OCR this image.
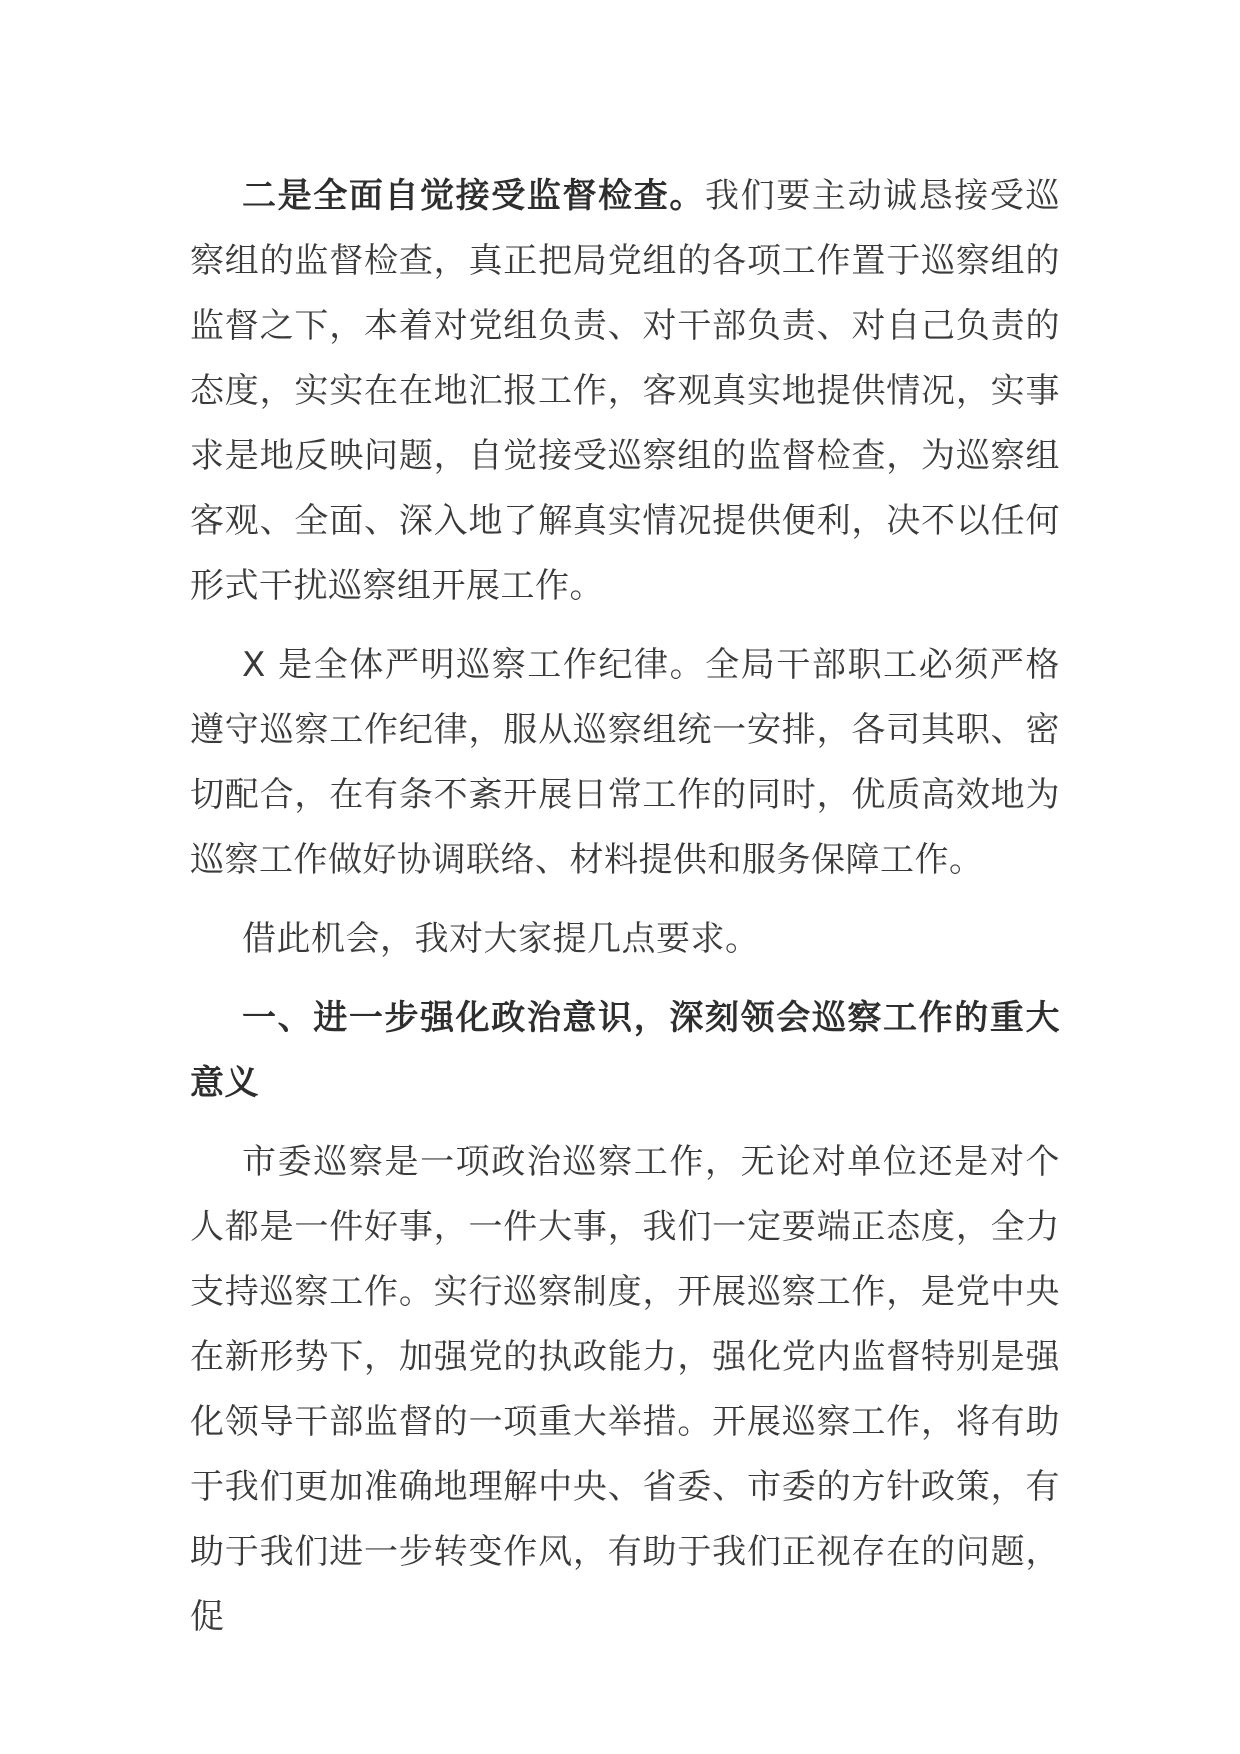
二是全面自觉接受监督检查。我们要主动诚恳接受巡察组的监督检查，真正把局党组的各项工作置于巡察组的监督之下，本着对党组负责、对干部负责、对自己负责的态度，实实在在地汇报工作，客观真实地提供情况，实事求是地反映问题，自觉接受巡察组的监督检查，为巡察组客观、全面、深入地了解真实情况提供便利，决不以任何形式干扰巡察组开展工作。

X 是全体严明巡察工作纪律。全局干部职工必须严格遵守巡察工作纪律，服从巡察组统一安排，各司其职、密切配合，在有条不紊开展日常工作的同时，优质高效地为巡察工作做好协调联络、材料提供和服务保障工作。

借此机会，我对大家提几点要求。

一、进一步强化政治意识，深刻领会巡察工作的重大意义

市委巡察是一项政治巡察工作，无论对单位还是对个人都是一件好事，一件大事，我们一定要端正态度，全力支持巡察工作。实行巡察制度，开展巡察工作，是党中央在新形势下，加强党的执政能力，强化党内监督特别是强化领导干部监督的一项重大举措。开展巡察工作，将有助于我们更加准确地理解中央、省委、市委的方针政策，有助于我们进一步转变作风，有助于我们正视存在的问题，促
